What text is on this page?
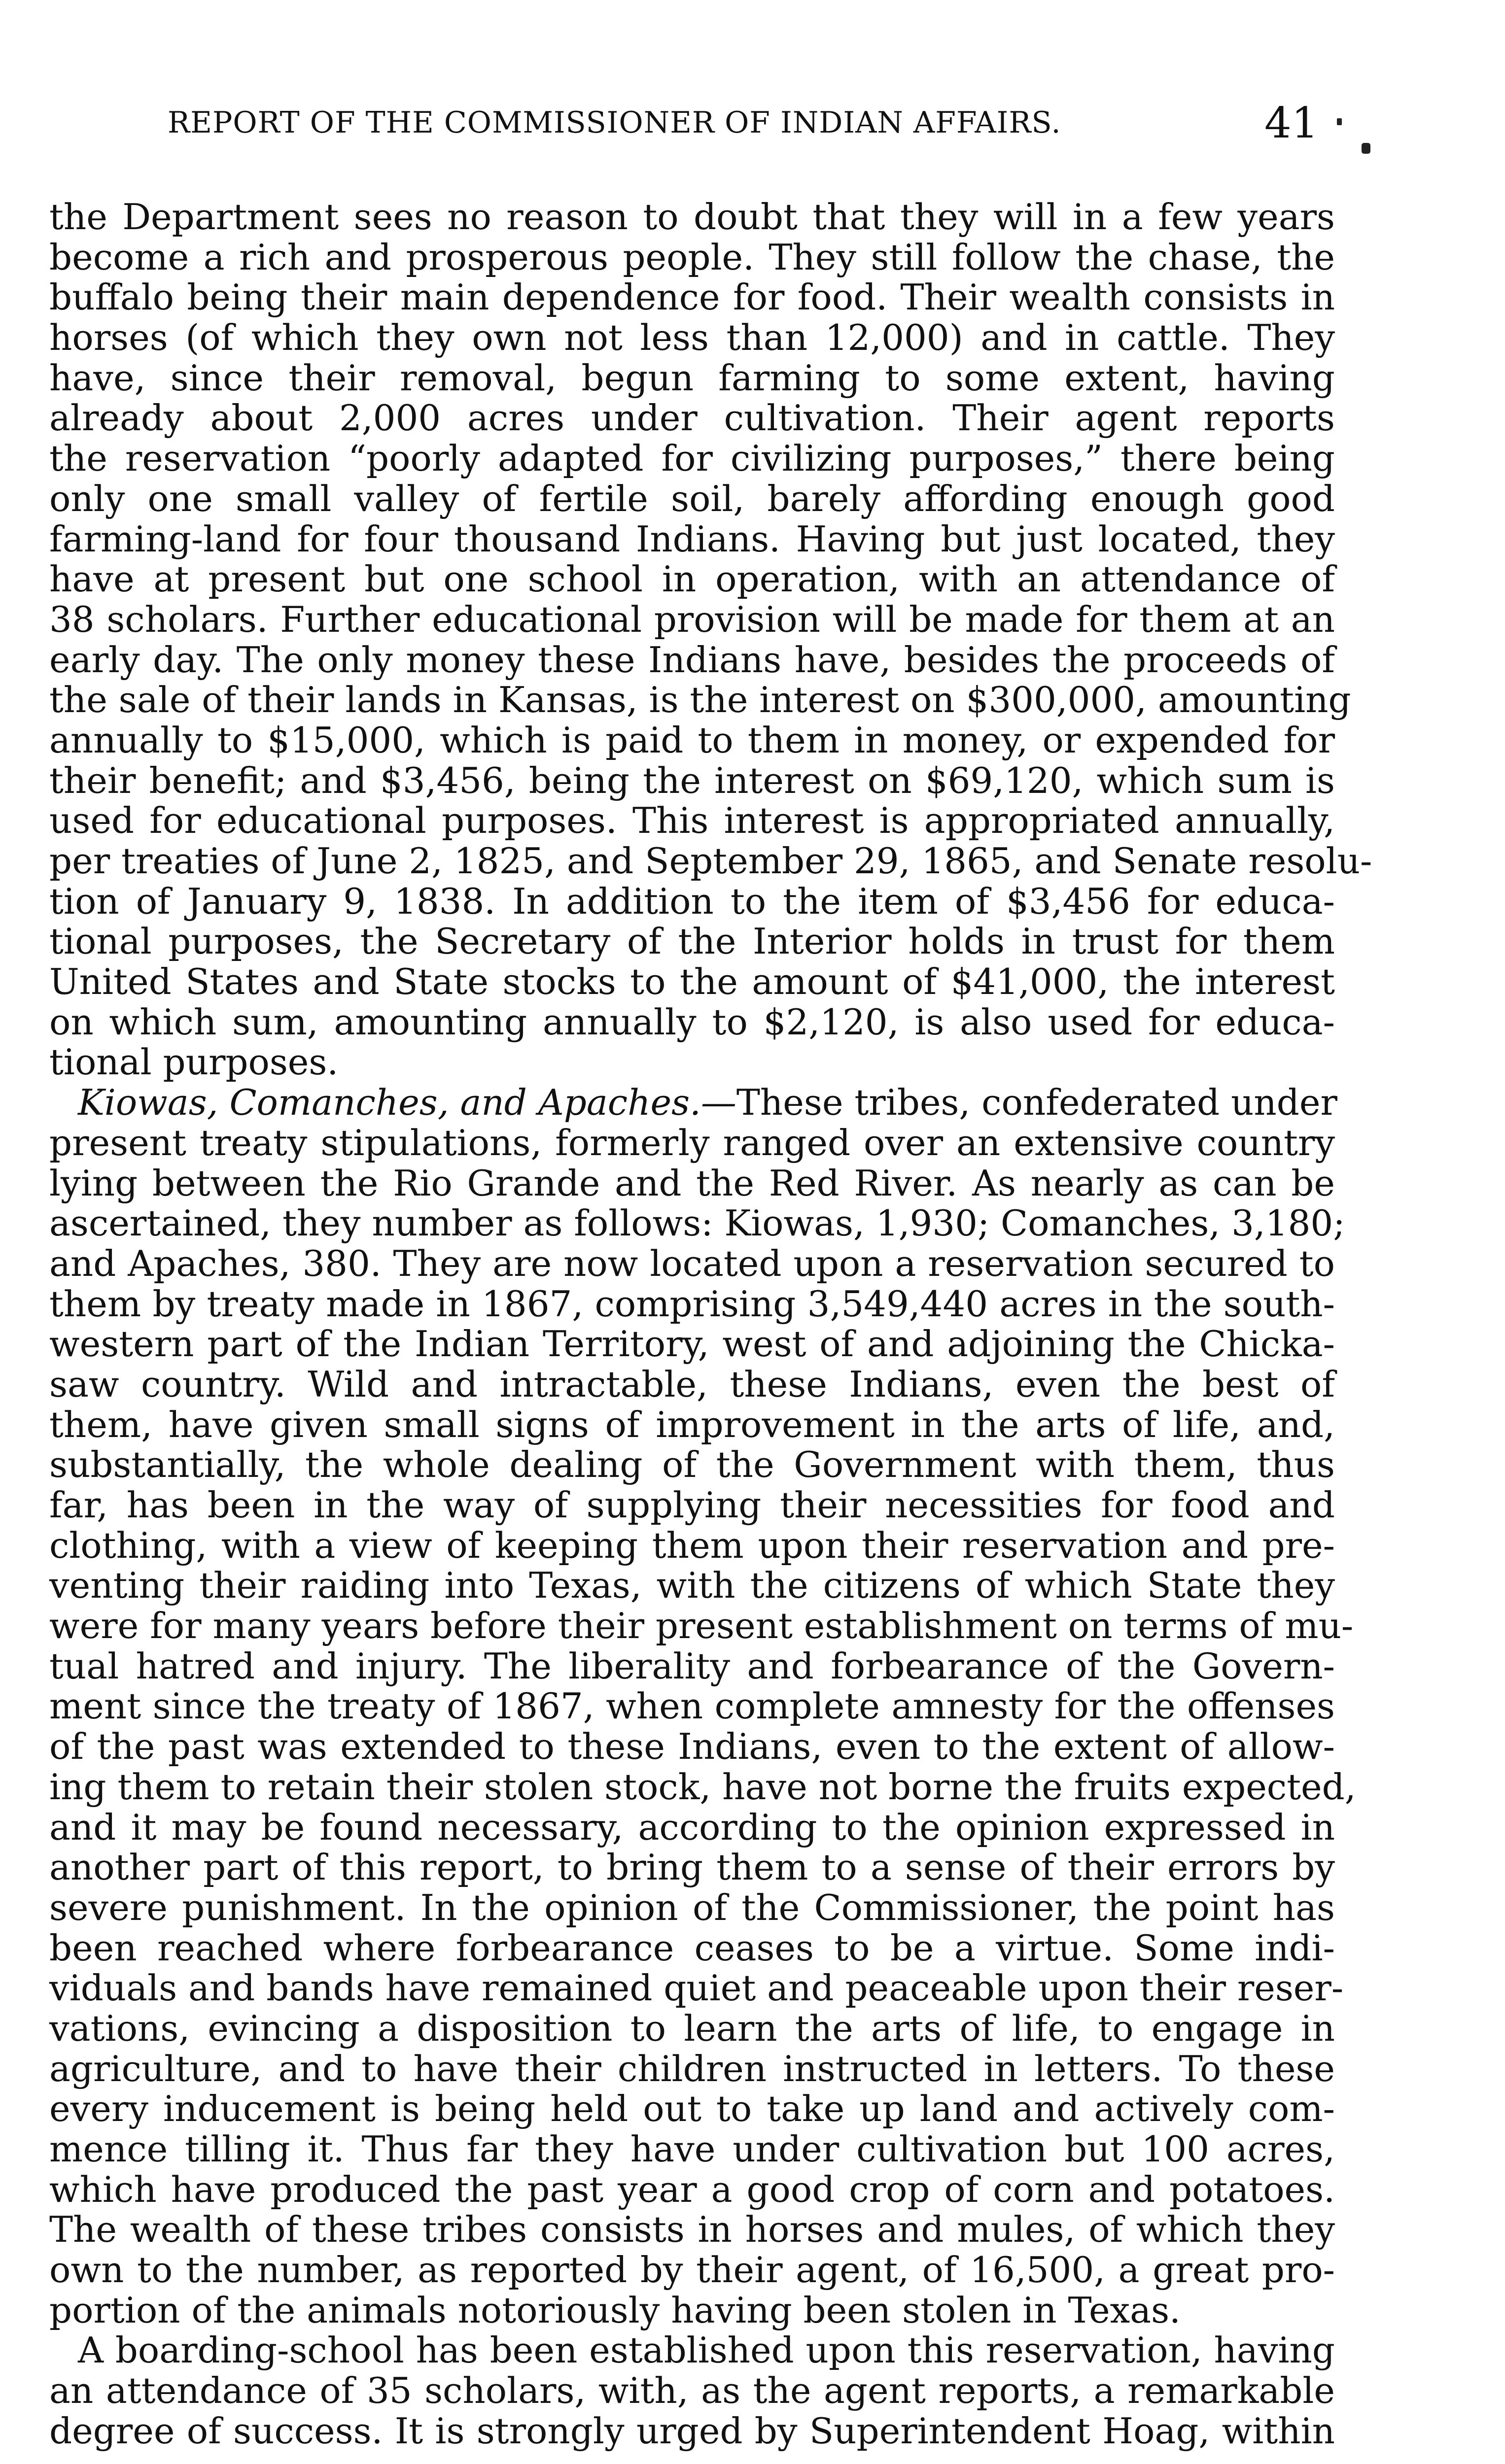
REPORT OF THE COMMISSIONER OF INDIAN AFFAIRS.	41
the Department sees no reason to doubt that they will in a few years
become a rich and prosperous people. They still follow the chase, the
buffalo being their main dependence for food. Their wealth consists in
horses (of which they own not less than 12,000) and in cattle. They
have, since their removal, begun farming to some extent, having
already about 2,000 acres under cultivation. Their agent reports
the reservation “poorly adapted for civilizing purposes,” there being
only one small valley of fertile soil, barely affording enough good
farming-land for four thousand Indians. Having but just located, they
have at present but one school in operation, with an attendance of
38 scholars. Further educational provision will be made for them at an
early day. The only money these Indians have, besides the proceeds of
the sale of their lands in Kansas, is the interest on $300,000, amounting
annually to $15,000, which is paid to them in money, or expended for
their benefit; and $3,456, being the interest on $69,120, which sum is
used for educational purposes. This interest is appropriated annually,
per treaties of June 2, 1825, and September 29, 1865, and Senate resolu-
tion of January 9, 1838. In addition to the item of $3,456 for educa-
tional purposes, the Secretary of the Interior holds in trust for them
United States and State stocks to the amount of $41,000, the interest
on which sum, amounting annually to $2,120, is also used for educa-
tional purposes.
Kiowas, Comanches, and Apaches.—These tribes, confederated under
present treaty stipulations, formerly ranged over an extensive country
lying between the Rio Grande and the Red River. As nearly as can be
ascertained, they number as follows: Kiowas, 1,930; Comanches, 3,180;
and Apaches, 380. They are now located upon a reservation secured to
them by treaty made in 1867, comprising 3,549,440 acres in the south-
western part of the Indian Territory, west of and adjoining the Chicka-
saw country. Wild and intractable, these Indians, even the best of
them, have given small signs of improvement in the arts of life, and,
substantially, the whole dealing of the Government with them, thus
far, has been in the way of supplying their necessities for food and
clothing, with a view of keeping them upon their reservation and pre-
venting their raiding into Texas, with the citizens of which State they
were for many years before their present establishment on terms of mu-
tual hatred and injury. The liberality and forbearance of the Govern-
ment since the treaty of 1867, when complete amnesty for the offenses
of the past was extended to these Indians, even to the extent of allow-
ing them to retain their stolen stock, have not borne the fruits expected,
and it may be found necessary, according to the opinion expressed in
another part of this report, to bring them to a sense of their errors by
severe punishment. In the opinion of the Commissioner, the point has
been reached where forbearance ceases to be a virtue. Some indi-
viduals and bands have remained quiet and peaceable upon their reser-
vations, evincing a disposition to learn the arts of life, to engage in
agriculture, and to have their children instructed in letters. To these
every inducement is being held out to take up land and actively com-
mence tilling it. Thus far they have under cultivation but 100 acres,
which have produced the past year a good crop of corn and potatoes.
The wealth of these tribes consists in horses and mules, of which they
own to the number, as reported by their agent, of 16,500, a great pro-
portion of the animals notoriously having been stolen in Texas.
A boarding-school has been established upon this reservation, having
an attendance of 35 scholars, with, as the agent reports, a remarkable
degree of success. It is strongly urged by Superintendent Hoag, within
